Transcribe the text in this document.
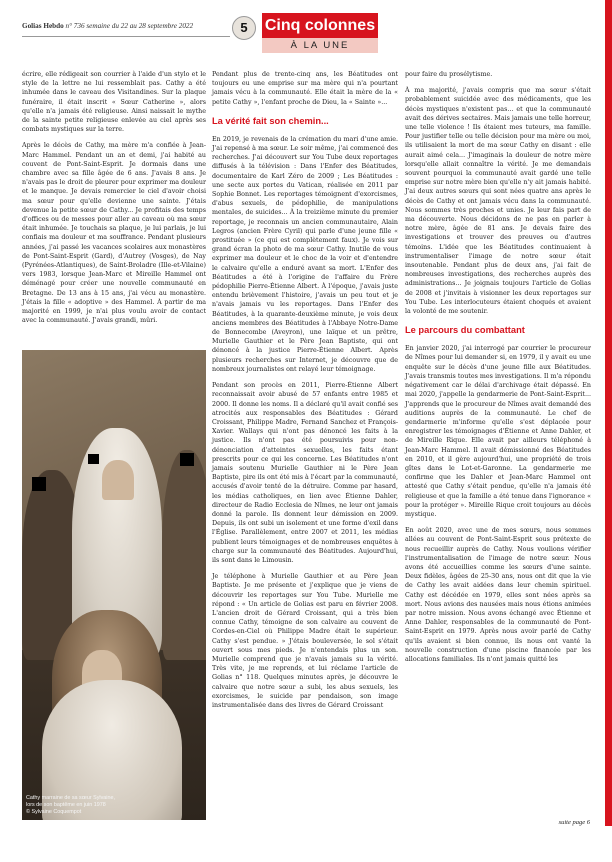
Golias Hebdo n° 736 semaine du 22 au 28 septembre 2022	5	Cinq colonnes
À LA UNE

écrire, elle rédigeait son courrier à l'aide d'un stylo et le style de la lettre ne lui ressemblait pas. Cathy a été inhumée dans le caveau des Visitandines. Sur la plaque funéraire, il était inscrit « Sœur Catherine », alors qu'elle n'a jamais été religieuse. Ainsi naissait le mythe de la sainte petite religieuse enlevée au ciel après ses combats mystiques sur la terre.

Après le décès de Cathy, ma mère m'a confiée à Jean-Marc Hammel. Pendant un an et demi, j'ai habité au couvent de Pont-Saint-Esprit. Je dormais dans une chambre avec sa fille âgée de 6 ans. J'avais 8 ans. Je n'avais pas le droit de pleurer pour exprimer ma douleur et le manque. Je devais remercier le ciel d'avoir choisi ma sœur pour qu'elle devienne une sainte. J'étais devenue la petite sœur de Cathy... Je profitais des temps d'offices ou de messes pour aller au caveau où ma sœur était inhumée. Je touchais sa plaque, je lui parlais, je lui confiais ma douleur et ma souffrance. Pendant plusieurs années, j'ai passé les vacances scolaires aux monastères de Pont-Saint-Esprit (Gard), d'Autrey (Vosges), de Nay (Pyrénées-Atlantiques), de Saint-Broladre (Ille-et-Vilaine) vers 1983, lorsque Jean-Marc et Mireille Hammel ont déménagé pour créer une nouvelle communauté en Bretagne. De 13 ans à 15 ans, j'ai vécu au monastère. J'étais la fille « adoptive » des Hammel. À partir de ma majorité en 1999, je n'ai plus voulu avoir de contact avec la communauté. J'avais grandi, mûri.

Cathy marraine de sa sœur Sylvaine,
lors de son baptême en juin 1978
© Sylvaine Coquempot

Pendant plus de trente-cinq ans, les Béatitudes ont toujours eu une emprise sur ma mère qui n'a pourtant jamais vécu à la communauté. Elle était la mère de la « petite Cathy », l'enfant proche de Dieu, la « Sainte »...

La vérité fait son chemin...

En 2019, je revenais de la crémation du mari d'une amie. J'ai repensé à ma sœur. Le soir même, j'ai commencé des recherches. J'ai découvert sur You Tube deux reportages diffusés à la télévision : Dans l'Enfer des Béatitudes, documentaire de Karl Zéro de 2009 ; Les Béatitudes : une secte aux portes du Vatican, réalisée en 2011 par Sophie Bonnet. Les reportages témoignent d'exorcismes, d'abus sexuels, de pédophilie, de manipulations mentales, de suicides... À la treizième minute du premier reportage, je reconnais un ancien communautaire, Alain Legros (ancien Frère Cyril) qui parle d'une jeune fille « prostituée » (ce qui est complètement faux). Je vois sur grand écran la photo de ma sœur Cathy. Inutile de vous exprimer ma douleur et le choc de la voir et d'entendre le calvaire qu'elle a enduré avant sa mort. L'Enfer des Béatitudes a été à l'origine de l'affaire du Frère pédophilie Pierre-Étienne Albert. À l'époque, j'avais juste entendu brièvement l'histoire, j'avais un peu tout et je n'avais jamais vu les reportages. Dans l'Enfer des Béatitudes, à la quarante-deuxième minute, je vois deux anciens membres des Béatitudes à l'Abbaye Notre-Dame de Bonnecombe (Aveyron), une laïque et un prêtre, Murielle Gauthier et le Père Jean Baptiste, qui ont dénoncé à la justice Pierre-Étienne Albert. Après plusieurs recherches sur Internet, je découvre que de nombreux journalistes ont relayé leur témoignage.

Pendant son procès en 2011, Pierre-Étienne Albert reconnaissait avoir abusé de 57 enfants entre 1985 et 2000. Il donne les noms. Il a déclaré qu'il avait confié ses atrocités aux responsables des Béatitudes : Gérard Croissant, Philippe Madre, Fernand Sanchez et François-Xavier. Wallays qui n'ont pas dénoncé les faits à la justice. Ils n'ont pas été poursuivis pour non-dénonciation d'atteintes sexuelles, les faits étant prescrits pour ce qui les concerne. Les Béatitudes n'ont jamais soutenu Murielle Gauthier ni le Père Jean Baptiste, pire ils ont été mis à l'écart par la communauté, accusés d'avoir tenté de la détruire. Comme par hasard, les médias catholiques, en lien avec Étienne Dahler, directeur de Radio Ecclesia de Nîmes, ne leur ont jamais donné la parole. Ils donnent leur démission en 2009. Depuis, ils ont subi un isolement et une forme d'exil dans l'Église. Parallèlement, entre 2007 et 2011, les médias publient leurs témoignages et de nombreuses enquêtes à charge sur la communauté des Béatitudes. Aujourd'hui, ils sont dans le Limousin.

Je téléphone à Murielle Gauthier et au Père Jean Baptiste. Je me présente et j'explique que je viens de découvrir les reportages sur You Tube. Murielle me répond : « Un article de Golias est paru en février 2008. L'ancien droit de Gérard Croissant, qui a très bien connue Cathy, témoigne de son calvaire au couvent de Cordes-en-Ciel où Philippe Madre était le supérieur. Cathy s'est pendue. » J'étais bouleversée, le sol s'était ouvert sous mes pieds. Je n'entendais plus un son. Murielle comprend que je n'avais jamais su la vérité. Très vite, je me reprends, et lui réclame l'article de Golias n° 118. Quelques minutes après, je découvre le calvaire que notre sœur a subi, les abus sexuels, les exorcismes, le suicide par pendaison, son image instrumentalisée dans des livres de Gérard Croissant

pour faire du prosélytisme.

À ma majorité, j'avais compris que ma sœur s'était probablement suicidée avec des médicaments, que les décès mystiques n'existent pas... et que la communauté avait des dérives sectaires. Mais jamais une telle horreur, une telle violence ! Ils étaient mes tuteurs, ma famille. Pour justifier telle ou telle décision pour ma mère ou moi, ils utilisaient la mort de ma sœur Cathy en disant : elle aurait aimé cela... J'imaginais la douleur de notre mère lorsqu'elle allait connaître la vérité. Je me demandais souvent pourquoi la communauté avait gardé une telle emprise sur notre mère bien qu'elle n'y ait jamais habité. J'ai deux autres sœurs qui sont nées quatre ans après le décès de Cathy et ont jamais vécu dans la communauté. Nous sommes très proches et unies. Je leur fais part de ma découverte. Nous décidons de ne pas en parler à notre mère, âgée de 81 ans. Je devais faire des investigations et trouver des preuves ou d'autres témoins. L'idée que les Béatitudes continuaient à instrumentaliser l'image de notre sœur était insoutenable. Pendant plus de deux ans, j'ai fait de nombreuses investigations, des recherches auprès des administrations... Je joignais toujours l'article de Golias de 2008 et j'invitais à visionner les deux reportages sur You Tube. Les interlocuteurs étaient choqués et avaient la volonté de me soutenir.

Le parcours du combattant

En janvier 2020, j'ai interrogé par courrier le procureur de Nîmes pour lui demander si, en 1979, il y avait eu une enquête sur le décès d'une jeune fille aux Béatitudes. J'avais transmis toutes mes investigations. Il m'a répondu négativement car le délai d'archivage était dépassé. En mai 2020, j'appelle la gendarmerie de Pont-Saint-Esprit... J'apprends que le procureur de Nîmes avait demandé des auditions auprès de la communauté. Le chef de gendarmerie m'informe qu'elle s'est déplacée pour enregistrer les témoignages d'Étienne et Anne Dahler, et de Mireille Rique. Elle avait par ailleurs téléphoné à Jean-Marc Hammel. Il avait démissionné des Béatitudes en 2010, et il gère aujourd'hui, une propriété de trois gîtes dans le Lot-et-Garonne. La gendarmerie me confirme que les Dahler et Jean-Marc Hammel ont attesté que Cathy s'était pendue, qu'elle n'a jamais été religieuse et que la famille a été tenue dans l'ignorance « pour la protéger ». Mireille Rique croit toujours au décès mystique.

En août 2020, avec une de mes sœurs, nous sommes allées au couvent de Pont-Saint-Esprit sous prétexte de nous recueillir auprès de Cathy. Nous voulions vérifier l'instrumentalisation de l'image de notre sœur. Nous avons été accueillies comme les sœurs d'une sainte. Deux fidèles, âgées de 25-30 ans, nous ont dit que la vie de Cathy les avait aidées dans leur chemin spirituel. Cathy est décédée en 1979, elles sont nées après sa mort. Nous avions des nausées mais nous étions animées par notre mission. Nous avons échangé avec Étienne et Anne Dahler, responsables de la communauté de Pont-Saint-Esprit en 1979. Après nous avoir parlé de Cathy qu'ils avaient si bien connue, ils nous ont vanté la nouvelle construction d'une piscine financée par les allocations familiales. Ils n'ont jamais quitté les

suite page 6
